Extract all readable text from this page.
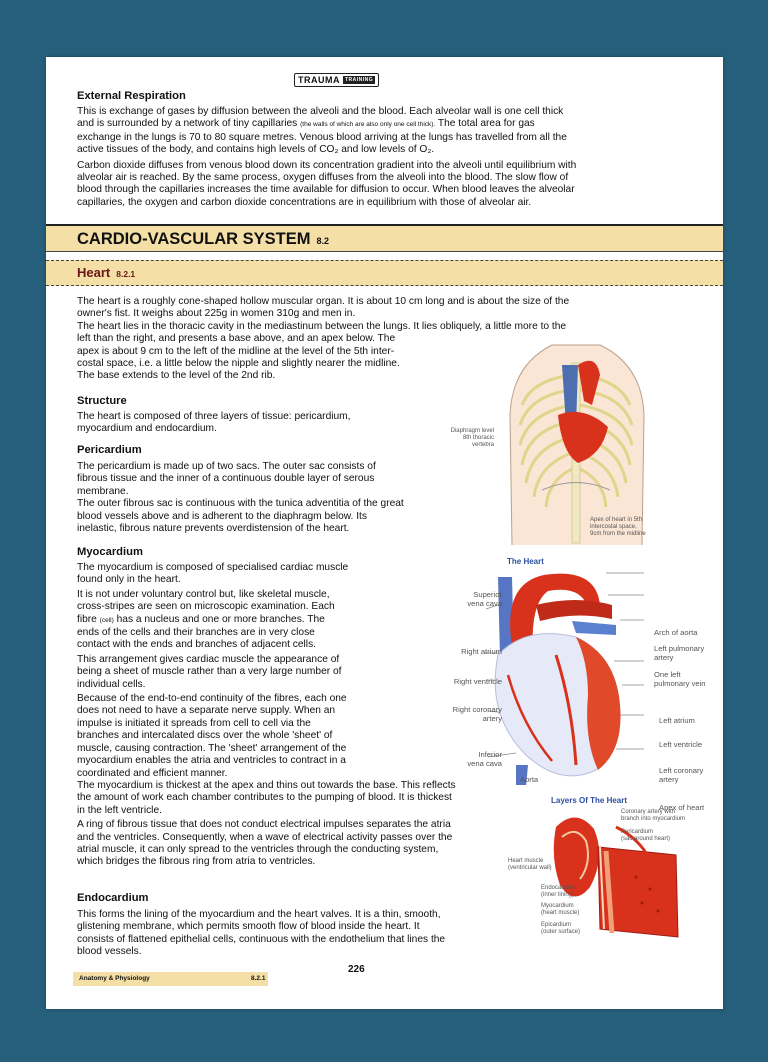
TRAUMA	TRAINING
External Respiration

This is exchange of gases by diffusion between the alveoli and the blood. Each alveolar wall is one cell thick

and is surrounded by a network of tiny capillaries (the walls of which are also only one cell thick). The total area for gas

exchange in the lungs is 70 to 80 square metres. Venous blood arriving at the lungs has travelled from all the

active tissues of the body, and contains high levels of CO₂ and low levels of O₂.

Carbon dioxide diffuses from venous blood down its concentration gradient into the alveoli until equilibrium with

alveolar air is reached. By the same process, oxygen diffuses from the alveoli into the blood. The slow flow of

blood through the capillaries increases the time available for diffusion to occur. When blood leaves the alveolar

capillaries, the oxygen and carbon dioxide concentrations are in equilibrium with those of alveolar air.

CARDIO-VASCULAR SYSTEM 8.2
Heart 8.2.1

The heart is a roughly cone-shaped hollow muscular organ. It is about 10 cm long and is about the size of the

owner's fist. It weighs about 225g in women 310g and men in.

The heart lies in the thoracic cavity in the mediastinum between the lungs. It lies obliquely, a little more to the

left than the right, and presents a base above, and an apex below. The

apex is about 9 cm to the left of the midline at the level of the 5th inter-

costal space, i.e. a little below the nipple and slightly nearer the midline.

The base extends to the level of the 2nd rib.

Structure

The heart is composed of three layers of tissue: pericardium,

myocardium and endocardium.

Pericardium

The pericardium is made up of two sacs. The outer sac consists of

fibrous tissue and the inner of a continuous double layer of serous

membrane.

The outer fibrous sac is continuous with the tunica adventitia of the great

blood vessels above and is adherent to the diaphragm below. Its

inelastic, fibrous nature prevents overdistension of the heart.

Myocardium

The myocardium is composed of specialised cardiac muscle

found only in the heart.

It is not under voluntary control but, like skeletal muscle,

cross-stripes are seen on microscopic examination. Each

fibre (cell) has a nucleus and one or more branches. The

ends of the cells and their branches are in very close

contact with the ends and branches of adjacent cells.

This arrangement gives cardiac muscle the appearance of

being a sheet of muscle rather than a very large number of

individual cells.

Because of the end-to-end continuity of the fibres, each one

does not need to have a separate nerve supply. When an

impulse is initiated it spreads from cell to cell via the

branches and intercalated discs over the whole 'sheet' of

muscle, causing contraction. The 'sheet' arrangement of the

myocardium enables the atria and ventricles to contract in a

coordinated and efficient manner.

The myocardium is thickest at the apex and thins out towards the base. This reflects

the amount of work each chamber contributes to the pumping of blood. It is thickest

in the left ventricle.

A ring of fibrous tissue that does not conduct electrical impulses separates the atria

and the ventricles. Consequently, when a wave of electrical activity passes over the

atrial muscle, it can only spread to the ventricles through the conducting system,

which bridges the fibrous ring from atria to ventricles.

Endocardium

This forms the lining of the myocardium and the heart valves. It is a thin, smooth,

glistening membrane, which permits smooth flow of blood inside the heart. It

consists of flattened epithelial cells, continuous with the endothelium that lines the

blood vessels.

Diaphragm level
8th thoracic
vertebra
Apex of heart in 5th
intercostal space,
9cm from the midline
The Heart
Arch of aorta
Left pulmonary
artery
One left
pulmonary vein
Left atrium
Left ventricle
Left coronary
artery
Apex of heart
Superior
vena cava
Right atrium
Right ventricle
Right coronary
artery
Inferior
vena cava
Aorta
Layers Of The Heart
Coronary artery with
branch into myocardium
Pericardium
(sac around heart)
Heart muscle
(ventricular wall)
Endocardium
(inner lining)
Myocardium
(heart muscle)
Epicardium
(outer surface)
Anatomy & Physiology	8.2.1
226
